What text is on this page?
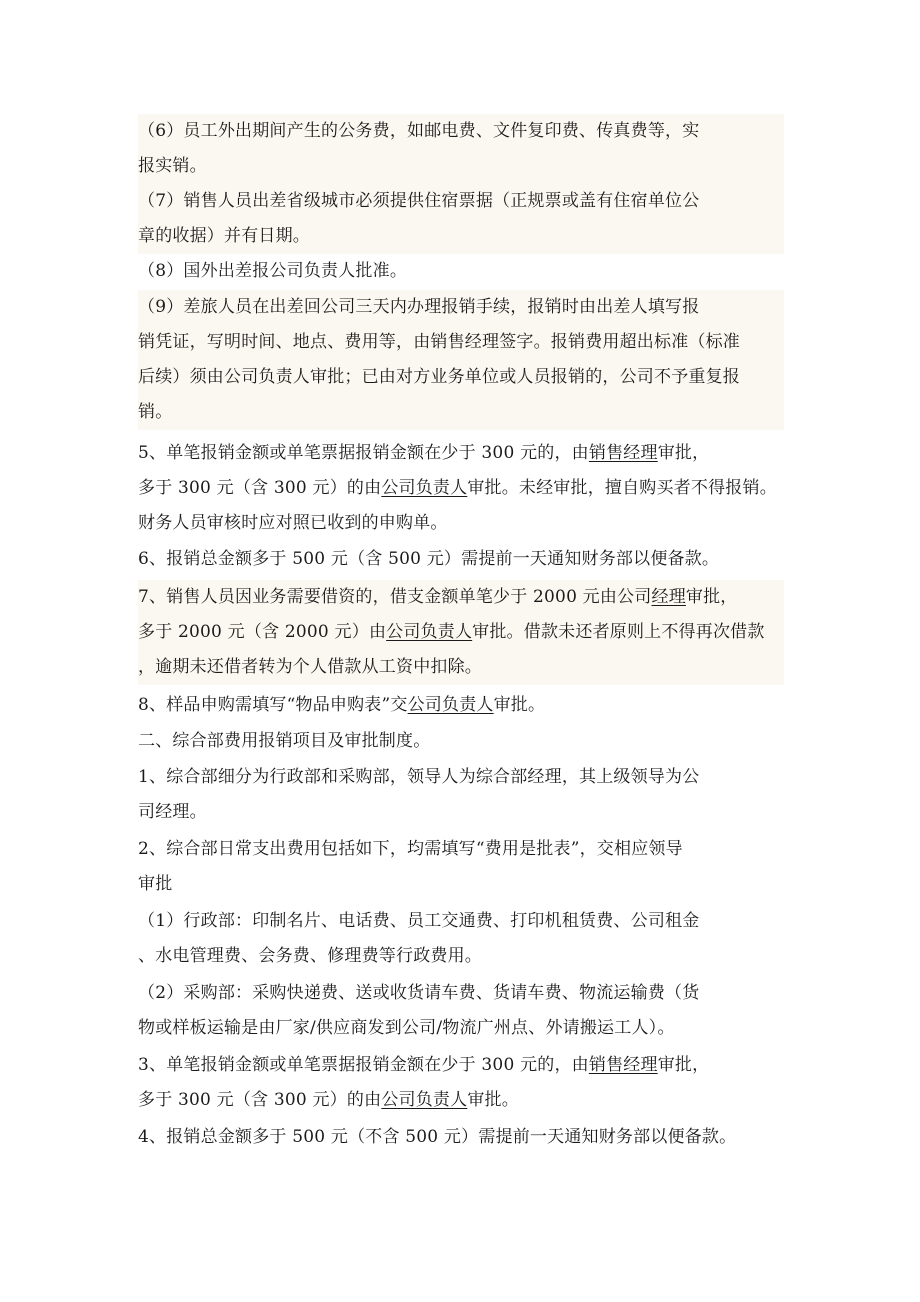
（6）员工外出期间产生的公务费，如邮电费、文件复印费、传真费等，实
报实销。
（7）销售人员出差省级城市必须提供住宿票据（正规票或盖有住宿单位公
章的收据）并有日期。
（8）国外出差报公司负责人批准。
（9）差旅人员在出差回公司三天内办理报销手续，报销时由出差人填写报
销凭证，写明时间、地点、费用等，由销售经理签字。报销费用超出标准（标准
后续）须由公司负责人审批；已由对方业务单位或人员报销的，公司不予重复报
销。
5、单笔报销金额或单笔票据报销金额在少于 300 元的，由销售经理审批，
多于 300 元（含 300 元）的由公司负责人审批。未经审批，擅自购买者不得报销。
财务人员审核时应对照已收到的申购单。
6、报销总金额多于 500 元（含 500 元）需提前一天通知财务部以便备款。
7、销售人员因业务需要借资的，借支金额单笔少于 2000 元由公司经理审批，
多于 2000 元（含 2000 元）由公司负责人审批。借款未还者原则上不得再次借款
，逾期未还借者转为个人借款从工资中扣除。
8、样品申购需填写“物品申购表”交公司负责人审批。
二、综合部费用报销项目及审批制度。
1、综合部细分为行政部和采购部，领导人为综合部经理，其上级领导为公
司经理。
2、综合部日常支出费用包括如下，均需填写“费用是批表”，交相应领导
审批
（1）行政部：印制名片、电话费、员工交通费、打印机租赁费、公司租金
、水电管理费、会务费、修理费等行政费用。
（2）采购部：采购快递费、送或收货请车费、货请车费、物流运输费（货
物或样板运输是由厂家/供应商发到公司/物流广州点、外请搬运工人）。
3、单笔报销金额或单笔票据报销金额在少于 300 元的，由销售经理审批，
多于 300 元（含 300 元）的由公司负责人审批。
4、报销总金额多于 500 元（不含 500 元）需提前一天通知财务部以便备款。
